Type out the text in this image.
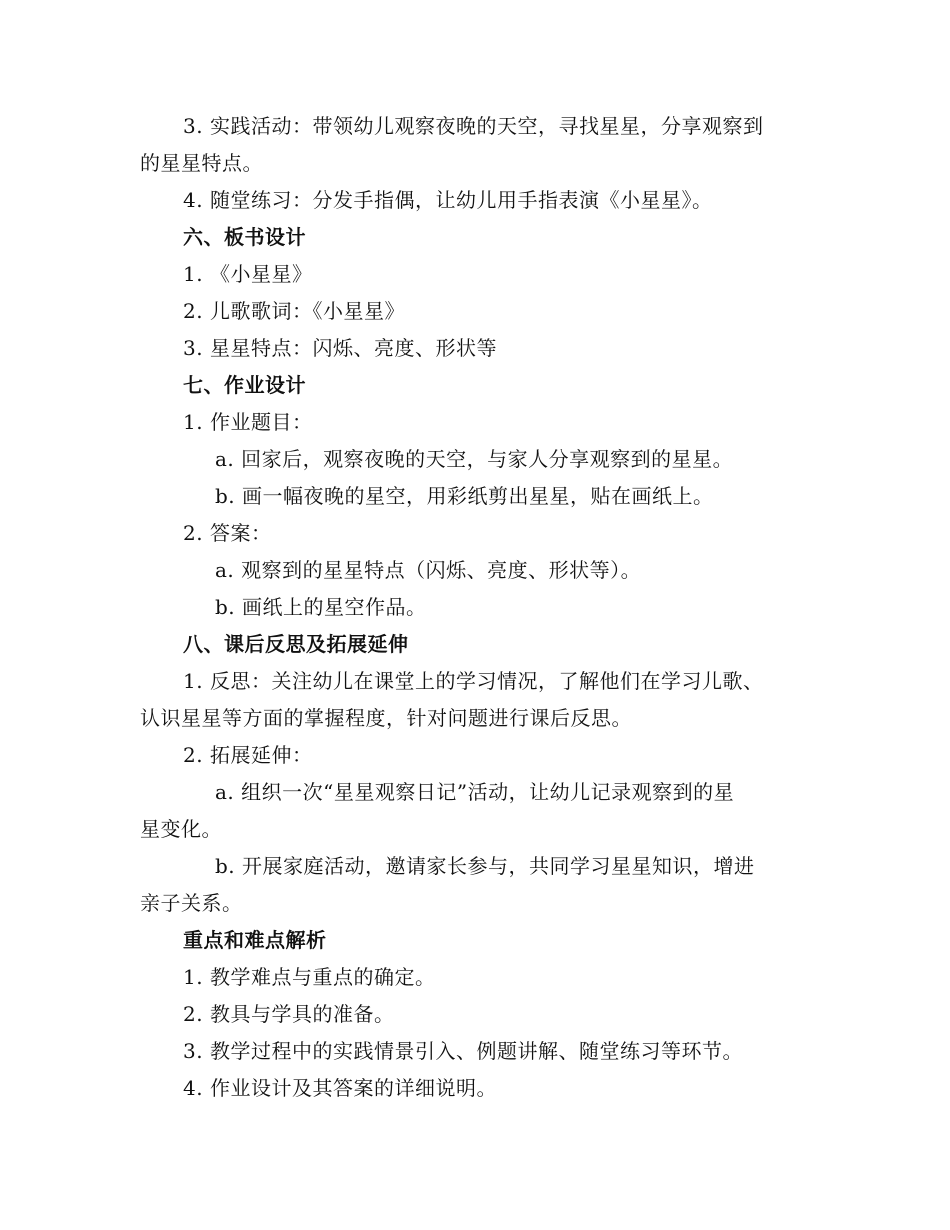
3. 实践活动：带领幼儿观察夜晚的天空，寻找星星，分享观察到
的星星特点。
4. 随堂练习：分发手指偶，让幼儿用手指表演《小星星》。
六、板书设计
1. 《小星星》
2. 儿歌歌词：《小星星》
3. 星星特点：闪烁、亮度、形状等
七、作业设计
1. 作业题目：
a. 回家后，观察夜晚的天空，与家人分享观察到的星星。
b. 画一幅夜晚的星空，用彩纸剪出星星，贴在画纸上。
2. 答案：
a. 观察到的星星特点（闪烁、亮度、形状等）。
b. 画纸上的星空作品。
八、课后反思及拓展延伸
1. 反思：关注幼儿在课堂上的学习情况，了解他们在学习儿歌、
认识星星等方面的掌握程度，针对问题进行课后反思。
2. 拓展延伸：
a. 组织一次“星星观察日记”活动，让幼儿记录观察到的星
星变化。
b. 开展家庭活动，邀请家长参与，共同学习星星知识，增进
亲子关系。
重点和难点解析
1. 教学难点与重点的确定。
2. 教具与学具的准备。
3. 教学过程中的实践情景引入、例题讲解、随堂练习等环节。
4. 作业设计及其答案的详细说明。
